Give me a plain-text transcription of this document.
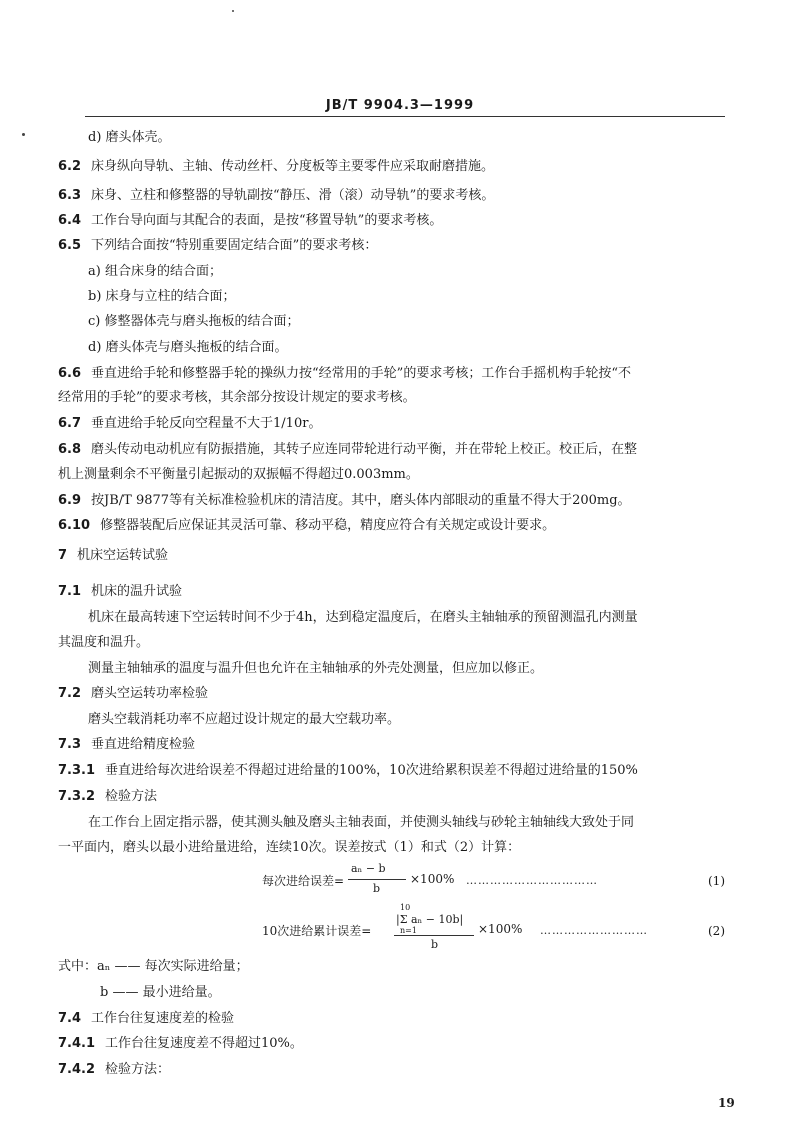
JB/T 9904.3—1999
d) 磨头体壳。
6.2 床身纵向导轨、主轴、传动丝杆、分度板等主要零件应采取耐磨措施。
6.3 床身、立柱和修整器的导轨副按“静压、滑（滚）动导轨”的要求考核。
6.4 工作台导向面与其配合的表面，是按“移置导轨”的要求考核。
6.5 下列结合面按“特别重要固定结合面”的要求考核：
a) 组合床身的结合面；
b) 床身与立柱的结合面；
c) 修整器体壳与磨头拖板的结合面；
d) 磨头体壳与磨头拖板的结合面。
6.6 垂直进给手轮和修整器手轮的操纵力按“经常用的手轮”的要求考核；工作台手摇机构手轮按“不
经常用的手轮”的要求考核，其余部分按设计规定的要求考核。
6.7 垂直进给手轮反向空程量不大于1/10r。
6.8 磨头传动电动机应有防振措施，其转子应连同带轮进行动平衡，并在带轮上校正。校正后，在整
机上测量剩余不平衡量引起振动的双振幅不得超过0.003mm。
6.9 按JB/T 9877等有关标准检验机床的清洁度。其中，磨头体内部眼动的重量不得大于200mg。
6.10 修整器装配后应保证其灵活可靠、移动平稳，精度应符合有关规定或设计要求。
7 机床空运转试验
7.1 机床的温升试验
机床在最高转速下空运转时间不少于4h，达到稳定温度后，在磨头主轴轴承的预留测温孔内测量
其温度和温升。
测量主轴轴承的温度与温升但也允许在主轴轴承的外壳处测量，但应加以修正。
7.2 磨头空运转功率检验
磨头空载消耗功率不应超过设计规定的最大空载功率。
7.3 垂直进给精度检验
7.3.1 垂直进给每次进给误差不得超过进给量的100%，10次进给累积误差不得超过进给量的150%
7.3.2 检验方法
在工作台上固定指示器，使其测头触及磨头主轴表面，并使测头轴线与砂轮主轴轴线大致处于同
一平面内，磨头以最小进给量进给，连续10次。误差按式（1）和式（2）计算：
每次进给误差=
aₙ − b
b
×100% ……………………………	(1)
10次进给累计误差=
10
|Σ aₙ − 10b|
n=1
b
×100% ………………………	(2)
式中：aₙ —— 每次实际进给量；
b —— 最小进给量。
7.4 工作台往复速度差的检验
7.4.1 工作台往复速度差不得超过10%。
7.4.2 检验方法：
19
